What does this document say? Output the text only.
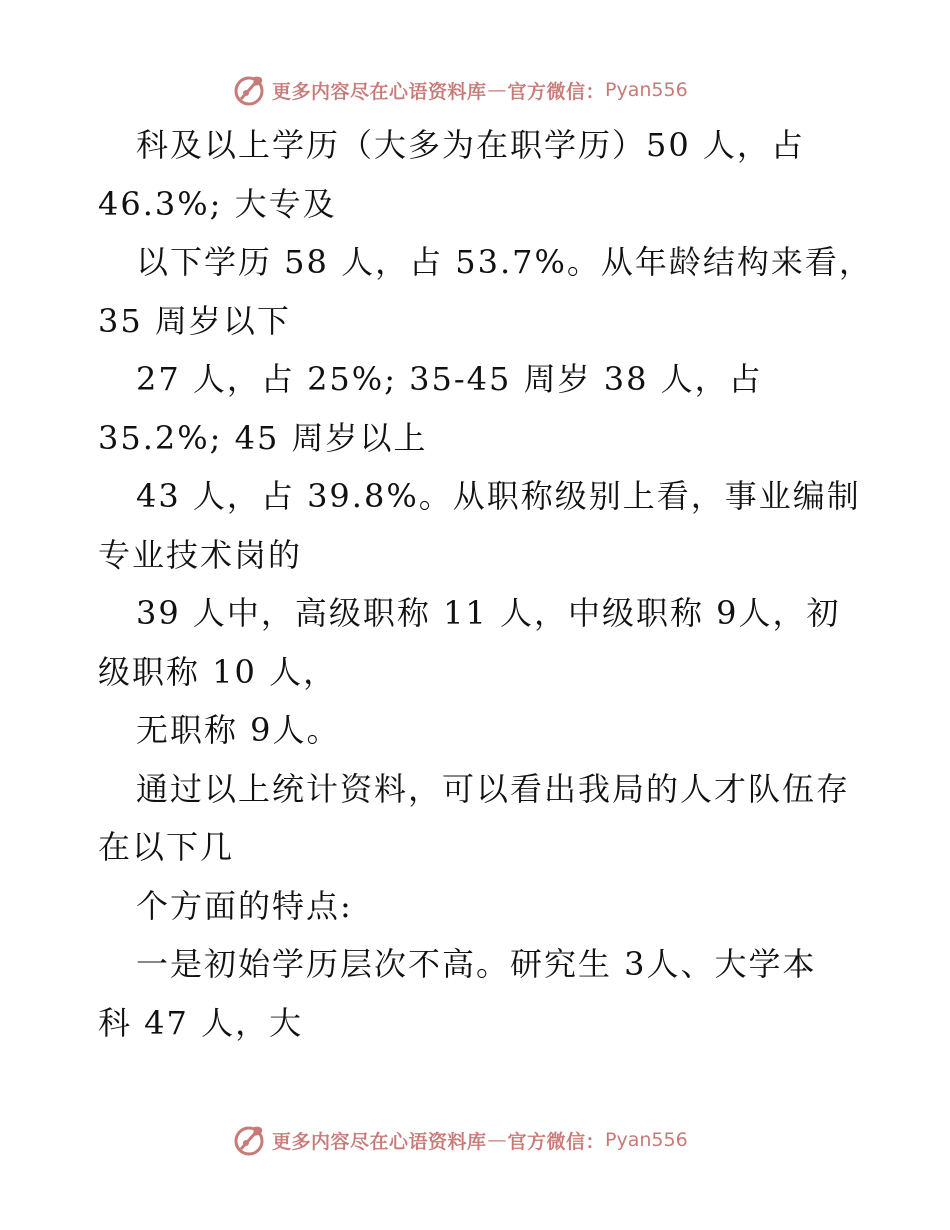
更多内容尽在心语资料库 — 官方微信： Pyan556
科及以上学历（大多为在职学历）50 人，占
46.3%; 大专及
以下学历 58 人，占 53.7%。从年龄结构来看，
35 周岁以下
27 人，占 25%; 35-45 周岁 38 人，占
35.2%; 45 周岁以上
43 人，占 39.8%。从职称级别上看，事业编制
专业技术岗的
39 人中，高级职称 11 人，中级职称 9人，初
级职称 10 人，
无职称 9人。
通过以上统计资料，可以看出我局的人才队伍存
在以下几
个方面的特点:
一是初始学历层次不高。研究生 3人、大学本
科 47 人，大
更多内容尽在心语资料库 — 官方微信： Pyan556
